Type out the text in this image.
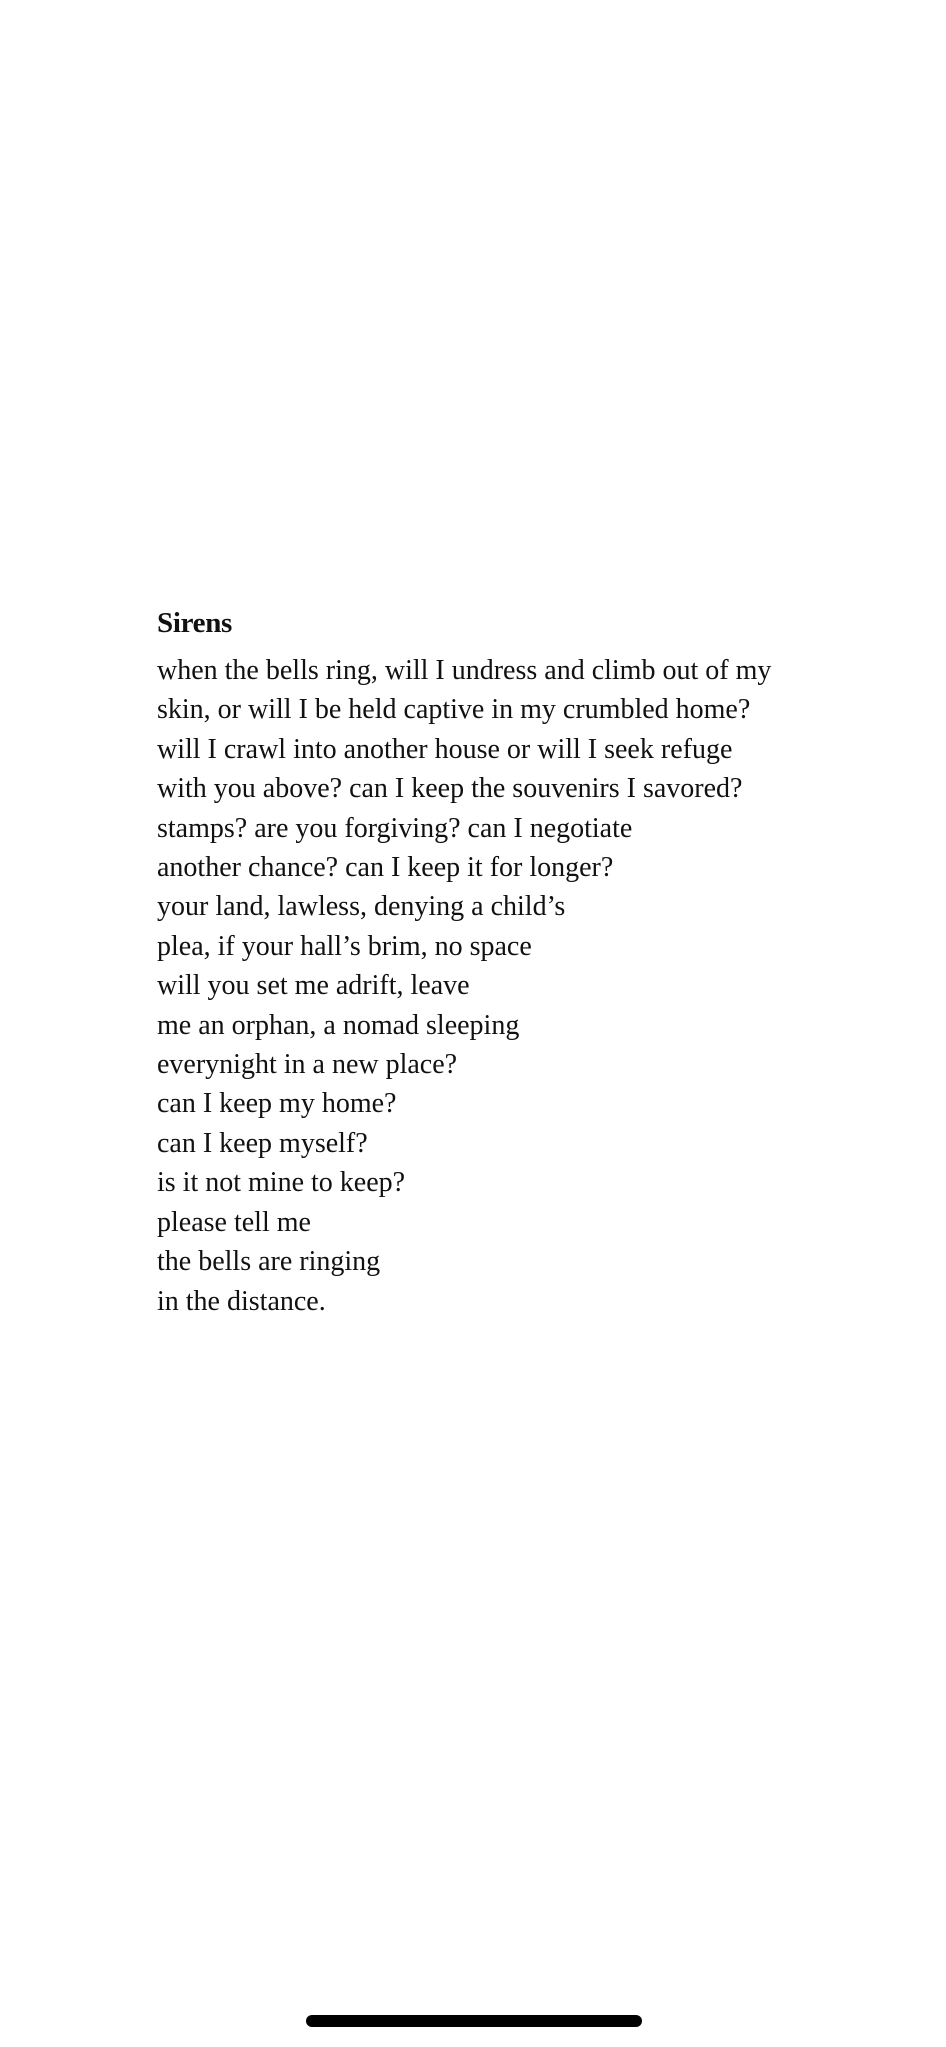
Sirens
when the bells ring, will I undress and climb out of my
skin, or will I be held captive in my crumbled home?
will I crawl into another house or will I seek refuge
with you above? can I keep the souvenirs I savored?
stamps? are you forgiving? can I negotiate
another chance? can I keep it for longer?
your land, lawless, denying a child’s
plea, if your hall’s brim, no space
will you set me adrift, leave
me an orphan, a nomad sleeping
everynight in a new place?
can I keep my home?
can I keep myself?
is it not mine to keep?
please tell me
the bells are ringing
in the distance.
